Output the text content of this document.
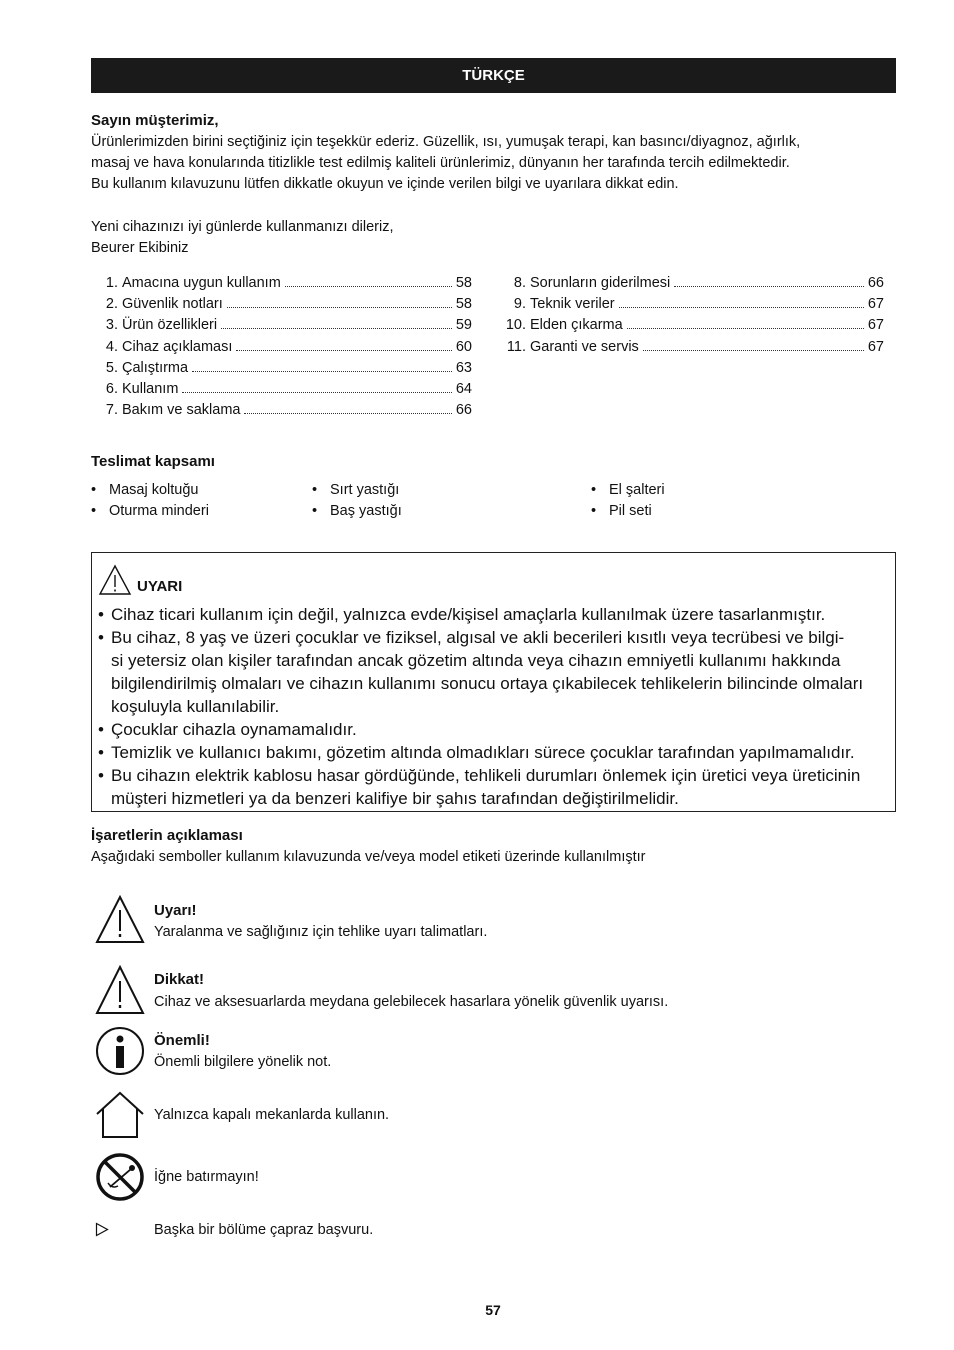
TÜRKÇE
Sayın müşterimiz,
Ürünlerimizden birini seçtiğiniz için teşekkür ederiz. Güzellik, ısı, yumuşak terapi, kan basıncı/diyagnoz, ağırlık,
masaj ve hava konularında titizlikle test edilmiş kaliteli ürünlerimiz, dünyanın her tarafında tercih edilmektedir.
Bu kullanım kılavuzunu lütfen dikkatle okuyun ve içinde verilen bilgi ve uyarılara dikkat edin.
Yeni cihazınızı iyi günlerde kullanmanızı dileriz,
Beurer Ekibiniz
1. Amacına uygun kullanım	58
2. Güvenlik notları	58
3. Ürün özellikleri	59
4. Cihaz açıklaması	60
5. Çalıştırma	63
6. Kullanım	64
7. Bakım ve saklama	66
8. Sorunların giderilmesi	66
9. Teknik veriler	67
10. Elden çıkarma	67
11. Garanti ve servis	67
Teslimat kapsamı
• Masaj koltuğu
• Oturma minderi
• Sırt yastığı
• Baş yastığı
• El şalteri
• Pil seti
UYARI
• Cihaz ticari kullanım için değil, yalnızca evde/kişisel amaçlarla kullanılmak üzere tasarlanmıştır.
• Bu cihaz, 8 yaş ve üzeri çocuklar ve fiziksel, algısal ve akli becerileri kısıtlı veya tecrübesi ve bilgi-
si yetersiz olan kişiler tarafından ancak gözetim altında veya cihazın emniyetli kullanımı hakkında
bilgilendirilmiş olmaları ve cihazın kullanımı sonucu ortaya çıkabilecek tehlikelerin bilincinde olmaları
koşuluyla kullanılabilir.
• Çocuklar cihazla oynamamalıdır.
• Temizlik ve kullanıcı bakımı, gözetim altında olmadıkları sürece çocuklar tarafından yapılmamalıdır.
• Bu cihazın elektrik kablosu hasar gördüğünde, tehlikeli durumları önlemek için üretici veya üreticinin
müşteri hizmetleri ya da benzeri kalifiye bir şahıs tarafından değiştirilmelidir.
İşaretlerin açıklaması
Aşağıdaki semboller kullanım kılavuzunda ve/veya model etiketi üzerinde kullanılmıştır
Uyarı!
Yaralanma ve sağlığınız için tehlike uyarı talimatları.
Dikkat!
Cihaz ve aksesuarlarda meydana gelebilecek hasarlara yönelik güvenlik uyarısı.
Önemli!
Önemli bilgilere yönelik not.
Yalnızca kapalı mekanlarda kullanın.
İğne batırmayın!
Başka bir bölüme çapraz başvuru.
57
